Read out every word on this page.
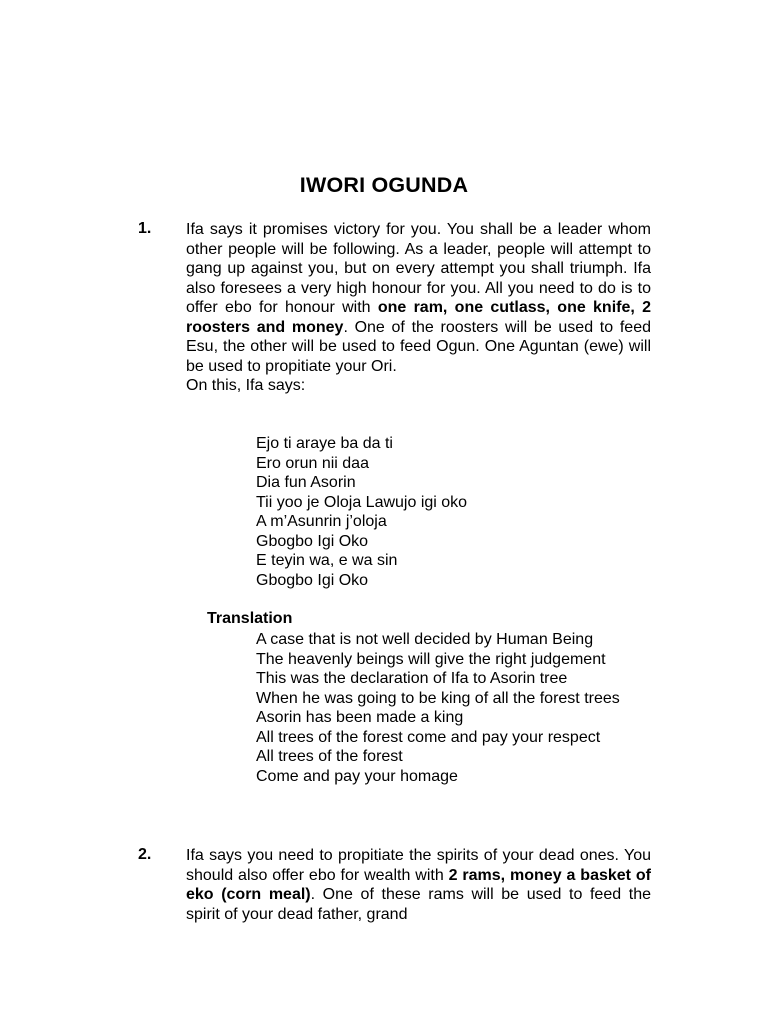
IWORI OGUNDA
1. Ifa says it promises victory for you. You shall be a leader whom other people will be following. As a leader, people will attempt to gang up against you, but on every attempt you shall triumph. Ifa also foresees a very high honour for you. All you need to do is to offer ebo for honour with one ram, one cutlass, one knife, 2 roosters and money. One of the roosters will be used to feed Esu, the other will be used to feed Ogun. One Aguntan (ewe) will be used to propitiate your Ori.
On this, Ifa says:
Ejo ti araye ba da ti
Ero orun nii daa
Dia fun Asorin
Tii yoo je Oloja Lawujo igi oko
A m’Asunrin j’oloja
Gbogbo Igi Oko
E teyin wa, e wa sin
Gbogbo Igi Oko
Translation
A case that is not well decided by Human Being
The heavenly beings will give the right judgement
This was the declaration of Ifa to Asorin tree
When he was going to be king of all the forest trees
Asorin has been made a king
All trees of the forest come and pay your respect
All trees of the forest
Come and pay your homage
2. Ifa says you need to propitiate the spirits of your dead ones. You should also offer ebo for wealth with 2 rams, money a basket of eko (corn meal). One of these rams will be used to feed the spirit of your dead father, grand
